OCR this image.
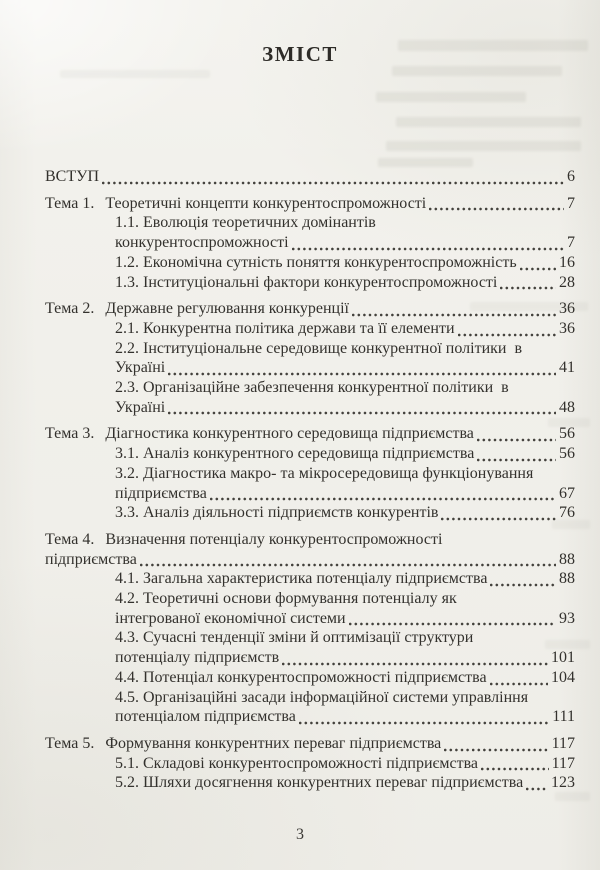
ЗМІСТ
ВСТУП	6
Тема 1. Теоретичні концепти конкурентоспроможності	7
1.1. Еволюція теоретичних домінантів
конкурентоспроможності	7
1.2. Економічна сутність поняття конкурентоспроможність	16
1.3. Інституціональні фактори конкурентоспроможності	28
Тема 2. Державне регулювання конкуренції	36
2.1. Конкурентна політика держави та її елементи	36
2.2. Інституціональне середовище конкурентної політики  в
Україні	41
2.3. Організаційне забезпечення конкурентної політики  в
Україні	48
Тема 3. Діагностика конкурентного середовища підприємства	56
3.1. Аналіз конкурентного середовища підприємства	56
3.2. Діагностика макро- та мікросередовища функціонування
підприємства	67
3.3. Аналіз діяльності підприємств конкурентів	76
Тема 4. Визначення потенціалу конкурентоспроможності
підприємства	88
4.1. Загальна характеристика потенціалу підприємства	88
4.2. Теоретичні основи формування потенціалу як
інтегрованої економічної системи	93
4.3. Сучасні тенденції зміни й оптимізації структури
потенціалу підприємств	101
4.4. Потенціал конкурентоспроможності підприємства	104
4.5. Організаційні засади інформаційної системи управління
потенціалом підприємства	111
Тема 5. Формування конкурентних переваг підприємства	117
5.1. Складові конкурентоспроможності підприємства	117
5.2. Шляхи досягнення конкурентних переваг підприємства 123
3
